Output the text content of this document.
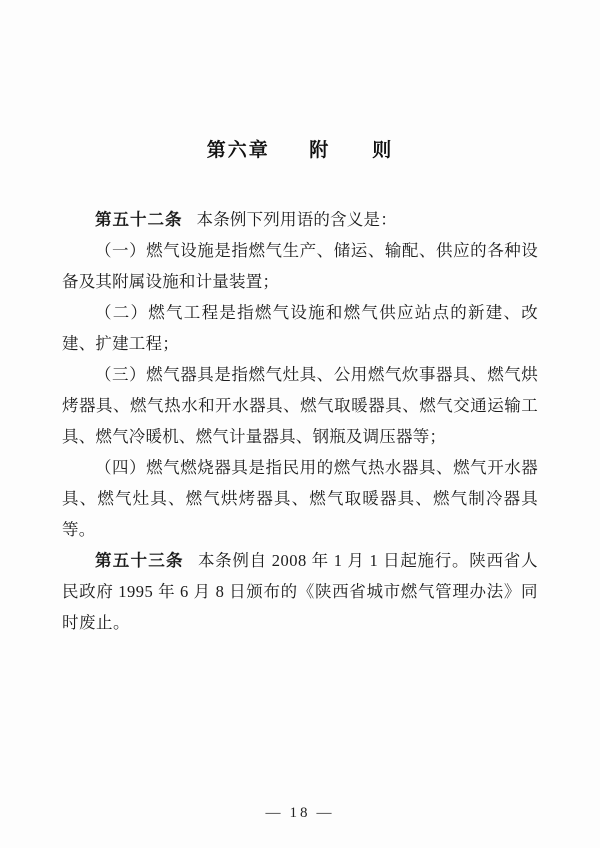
第六章 附　　则

第五十二条 本条例下列用语的含义是：

（一）燃气设施是指燃气生产、储运、输配、供应的各种设备及其附属设施和计量装置；

（二）燃气工程是指燃气设施和燃气供应站点的新建、改建、扩建工程；

（三）燃气器具是指燃气灶具、公用燃气炊事器具、燃气烘烤器具、燃气热水和开水器具、燃气取暖器具、燃气交通运输工具、燃气冷暖机、燃气计量器具、钢瓶及调压器等；

（四）燃气燃烧器具是指民用的燃气热水器具、燃气开水器具、燃气灶具、燃气烘烤器具、燃气取暖器具、燃气制冷器具等。

第五十三条 本条例自 2008 年 1 月 1 日起施行。陕西省人民政府 1995 年 6 月 8 日颁布的《陕西省城市燃气管理办法》同时废止。

— 18 —
